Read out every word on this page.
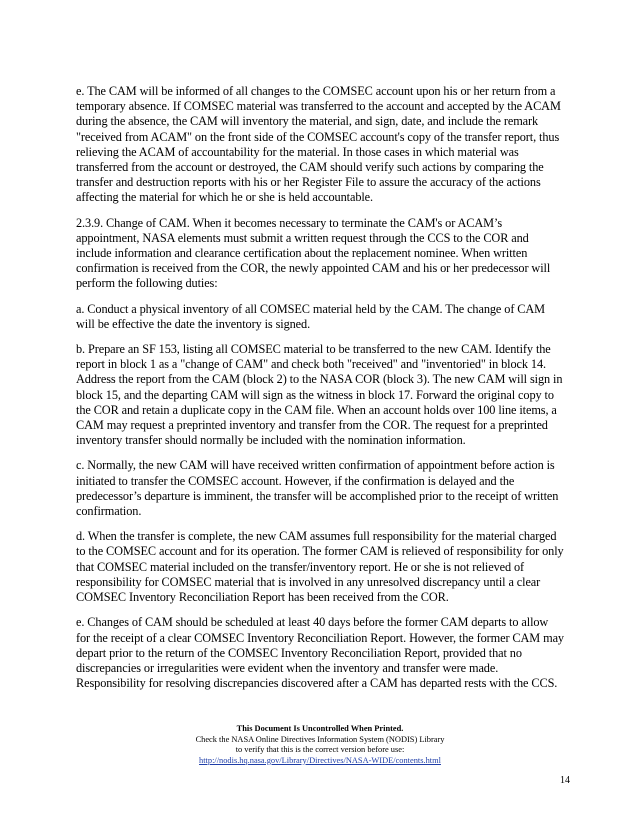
e. The CAM will be informed of all changes to the COMSEC account upon his or her return from a temporary absence. If COMSEC material was transferred to the account and accepted by the ACAM during the absence, the CAM will inventory the material, and sign, date, and include the remark "received from ACAM" on the front side of the COMSEC account's copy of the transfer report, thus relieving the ACAM of accountability for the material. In those cases in which material was transferred from the account or destroyed, the CAM should verify such actions by comparing the transfer and destruction reports with his or her Register File to assure the accuracy of the actions affecting the material for which he or she is held accountable.

2.3.9. Change of CAM. When it becomes necessary to terminate the CAM's or ACAM’s appointment, NASA elements must submit a written request through the CCS to the COR and include information and clearance certification about the replacement nominee. When written confirmation is received from the COR, the newly appointed CAM and his or her predecessor will perform the following duties:

a. Conduct a physical inventory of all COMSEC material held by the CAM. The change of CAM will be effective the date the inventory is signed.

b. Prepare an SF 153, listing all COMSEC material to be transferred to the new CAM. Identify the report in block 1 as a "change of CAM" and check both "received" and "inventoried" in block 14. Address the report from the CAM (block 2) to the NASA COR (block 3). The new CAM will sign in block 15, and the departing CAM will sign as the witness in block 17. Forward the original copy to the COR and retain a duplicate copy in the CAM file. When an account holds over 100 line items, a CAM may request a preprinted inventory and transfer from the COR. The request for a preprinted inventory transfer should normally be included with the nomination information.

c. Normally, the new CAM will have received written confirmation of appointment before action is initiated to transfer the COMSEC account. However, if the confirmation is delayed and the predecessor’s departure is imminent, the transfer will be accomplished prior to the receipt of written confirmation.

d. When the transfer is complete, the new CAM assumes full responsibility for the material charged to the COMSEC account and for its operation. The former CAM is relieved of responsibility for only that COMSEC material included on the transfer/inventory report. He or she is not relieved of responsibility for COMSEC material that is involved in any unresolved discrepancy until a clear COMSEC Inventory Reconciliation Report has been received from the COR.

e. Changes of CAM should be scheduled at least 40 days before the former CAM departs to allow for the receipt of a clear COMSEC Inventory Reconciliation Report. However, the former CAM may depart prior to the return of the COMSEC Inventory Reconciliation Report, provided that no discrepancies or irregularities were evident when the inventory and transfer were made. Responsibility for resolving discrepancies discovered after a CAM has departed rests with the CCS.

This Document Is Uncontrolled When Printed.
Check the NASA Online Directives Information System (NODIS) Library
to verify that this is the correct version before use:
http://nodis.hq.nasa.gov/Library/Directives/NASA-WIDE/contents.html
14
